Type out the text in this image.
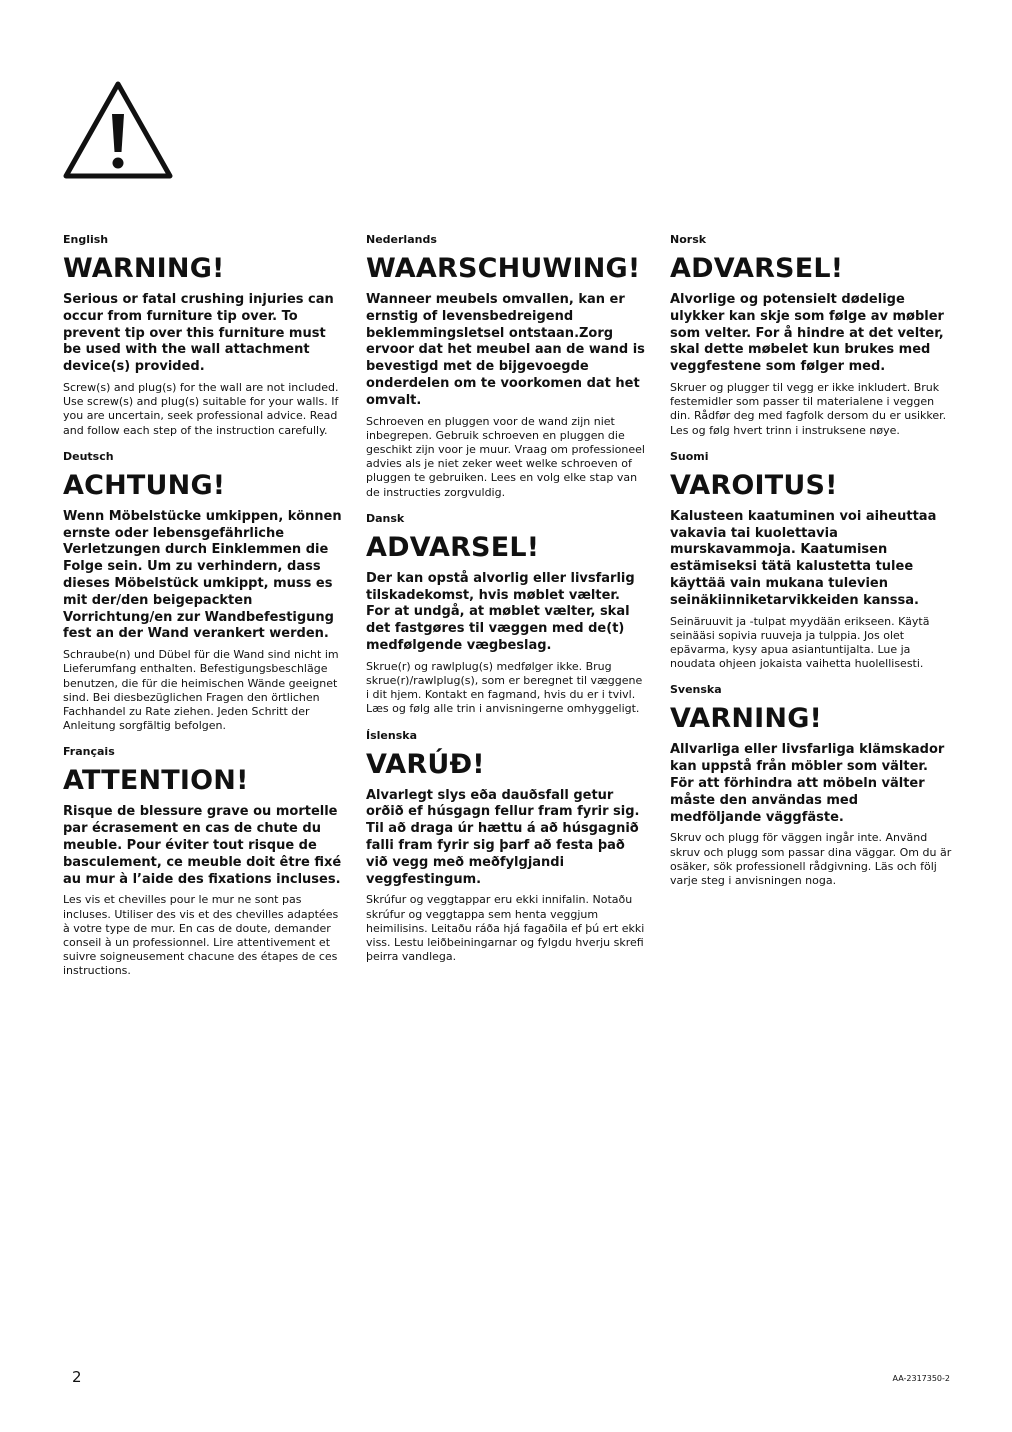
English
WARNING!

Serious or fatal crushing injuries can occur from furniture tip over. To prevent tip over this furniture must be used with the wall attachment device(s) provided.

Screw(s) and plug(s) for the wall are not included. Use screw(s) and plug(s) suitable for your walls. If you are uncertain, seek professional advice. Read and follow each step of the instruction carefully.

Deutsch
ACHTUNG!

Wenn Möbelstücke umkippen, können ernste oder lebensgefährliche Verletzungen durch Einklemmen die Folge sein. Um zu verhindern, dass dieses Möbelstück umkippt, muss es mit der/den beigepackten Vorrichtung/en zur Wandbefestigung fest an der Wand verankert werden.

Schraube(n) und Dübel für die Wand sind nicht im Lieferumfang enthalten. Befestigungsbeschläge benutzen, die für die heimischen Wände geeignet sind. Bei diesbezüglichen Fragen den örtlichen Fachhandel zu Rate ziehen. Jeden Schritt der Anleitung sorgfältig befolgen.

Français
ATTENTION!

Risque de blessure grave ou mortelle par écrasement en cas de chute du meuble. Pour éviter tout risque de basculement, ce meuble doit être fixé au mur à l’aide des fixations incluses.

Les vis et chevilles pour le mur ne sont pas incluses. Utiliser des vis et des chevilles adaptées à votre type de mur. En cas de doute, demander conseil à un professionnel. Lire attentivement et suivre soigneusement chacune des étapes de ces instructions.

Nederlands
WAARSCHUWING!

Wanneer meubels omvallen, kan er ernstig of levensbedreigend beklemmingsletsel ontstaan.Zorg ervoor dat het meubel aan de wand is bevestigd met de bijgevoegde onderdelen om te voorkomen dat het omvalt.

Schroeven en pluggen voor de wand zijn niet inbegrepen. Gebruik schroeven en pluggen die geschikt zijn voor je muur. Vraag om professioneel advies als je niet zeker weet welke schroeven of pluggen te gebruiken. Lees en volg elke stap van de instructies zorgvuldig.

Dansk
ADVARSEL!

Der kan opstå alvorlig eller livsfarlig tilskadekomst, hvis møblet vælter. For at undgå, at møblet vælter, skal det fastgøres til væggen med de(t) medfølgende vægbeslag.

Skrue(r) og rawlplug(s) medfølger ikke. Brug skrue(r)/rawlplug(s), som er beregnet til væggene i dit hjem. Kontakt en fagmand, hvis du er i tvivl. Læs og følg alle trin i anvisningerne omhyggeligt.

Íslenska
VARÚÐ!

Alvarlegt slys eða dauðsfall getur orðið ef húsgagn fellur fram fyrir sig. Til að draga úr hættu á að húsgagnið falli fram fyrir sig þarf að festa það við vegg með meðfylgjandi veggfestingum.

Skrúfur og veggtappar eru ekki innifalin. Notaðu skrúfur og veggtappa sem henta veggjum heimilisins. Leitaðu ráða hjá fagaðila ef þú ert ekki viss. Lestu leiðbeiningarnar og fylgdu hverju skrefi þeirra vandlega.

Norsk
ADVARSEL!

Alvorlige og potensielt dødelige ulykker kan skje som følge av møbler som velter. For å hindre at det velter, skal dette møbelet kun brukes med veggfestene som følger med.

Skruer og plugger til vegg er ikke inkludert. Bruk festemidler som passer til materialene i veggen din. Rådfør deg med fagfolk dersom du er usikker. Les og følg hvert trinn i instruksene nøye.

Suomi
VAROITUS!

Kalusteen kaatuminen voi aiheuttaa vakavia tai kuolettavia murskavammoja. Kaatumisen estämiseksi tätä kalustetta tulee käyttää vain mukana tulevien seinäkiinniketarvikkeiden kanssa.

Seinäruuvit ja -tulpat myydään erikseen. Käytä seinääsi sopivia ruuveja ja tulppia. Jos olet epävarma, kysy apua asiantuntijalta. Lue ja noudata ohjeen jokaista vaihetta huolellisesti.

Svenska
VARNING!

Allvarliga eller livsfarliga klämskador kan uppstå från möbler som välter. För att förhindra att möbeln välter måste den användas med medföljande väggfäste.

Skruv och plugg för väggen ingår inte. Använd skruv och plugg som passar dina väggar. Om du är osäker, sök professionell rådgivning. Läs och följ varje steg i anvisningen noga.

2	AA-2317350-2
